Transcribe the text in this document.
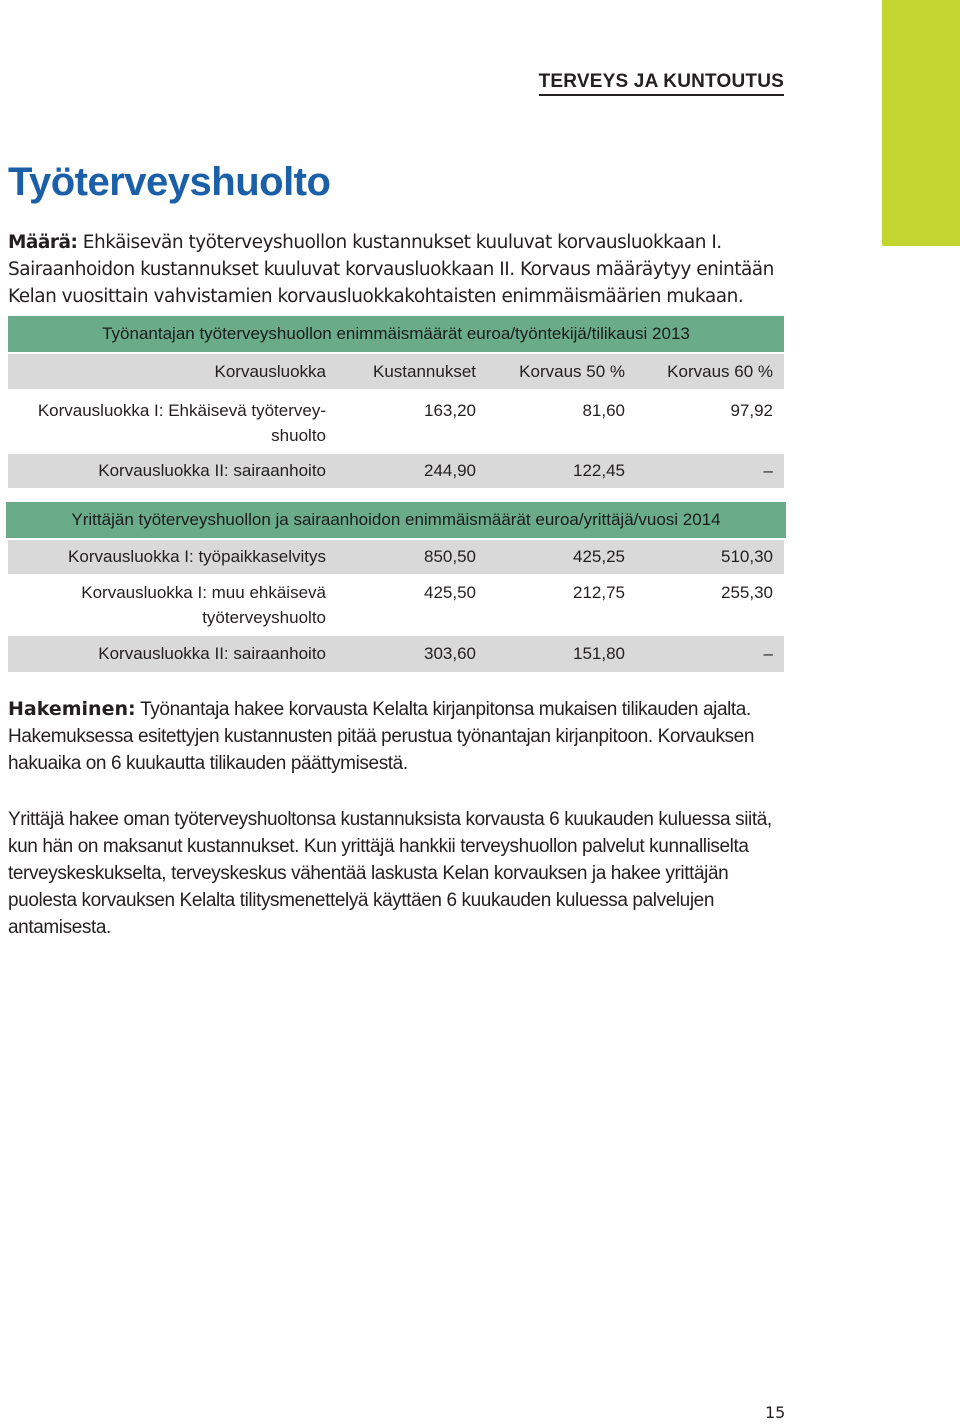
TERVEYS JA KUNTOUTUS
Työterveyshuolto

Määrä: Ehkäisevän työterveyshuollon kustannukset kuuluvat korvausluokkaan I. Sairaanhoidon kustannukset kuuluvat korvausluokkaan II. Korvaus määräytyy enintään Kelan vuosittain vahvistamien korvausluokkakohtaisten enimmäismäärien mukaan.

Työnantajan työterveyshuollon enimmäismäärät euroa/työntekijä/tilikausi 2013
Korvausluokka	Kustannukset	Korvaus 50 %	Korvaus 60 %
Korvausluokka I: Ehkäisevä työtervey-
shuolto
163,20	81,60	97,92
Korvausluokka II: sairaanhoito	244,90	122,45	–
Yrittäjän työterveyshuollon ja sairaanhoidon enimmäismäärät euroa/yrittäjä/vuosi 2014
Korvausluokka I: työpaikkaselvitys	850,50	425,25	510,30
Korvausluokka I: muu ehkäisevä
työterveyshuolto
425,50	212,75	255,30
Korvausluokka II: sairaanhoito	303,60	151,80	–

Hakeminen: Työnantaja hakee korvausta Kelalta kirjanpitonsa mukaisen tilikauden ajalta. Hakemuksessa esitettyjen kustannusten pitää perustua työnantajan kirjanpitoon. Korvauksen hakuaika on 6 kuukautta tilikauden päättymisestä.

Yrittäjä hakee oman työterveyshuoltonsa kustannuksista korvausta 6 kuukauden kuluessa siitä, kun hän on maksanut kustannukset. Kun yrittäjä hankkii terveyshuollon palvelut kunnalliselta terveyskeskukselta, terveyskeskus vähentää laskusta Kelan korvauksen ja hakee yrittäjän puolesta korvauksen Kelalta tilitysmenettelyä käyttäen 6 kuukauden kuluessa palvelujen antamisesta.

15
